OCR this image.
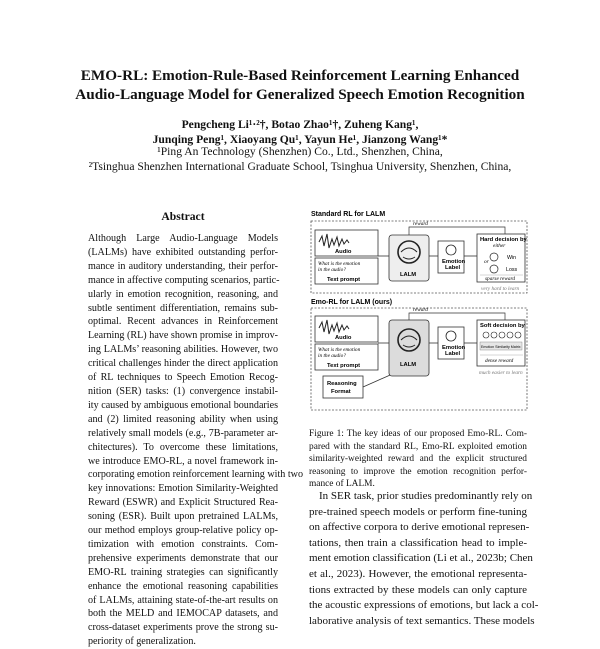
EMO-RL: Emotion-Rule-Based Reinforcement Learning Enhanced
Audio-Language Model for Generalized Speech Emotion Recognition
Pengcheng Li¹·²†, Botao Zhao¹†, Zuheng Kang¹,
Junqing Peng¹, Xiaoyang Qu¹, Yayun He¹, Jianzong Wang¹*
¹Ping An Technology (Shenzhen) Co., Ltd., Shenzhen, China,
²Tsinghua Shenzhen International Graduate School, Tsinghua University, Shenzhen, China,
Abstract
Although Large Audio-Language Models
(LALMs) have exhibited outstanding perfor-
mance in auditory understanding, their perfor-
mance in affective computing scenarios, partic-
ularly in emotion recognition, reasoning, and
subtle sentiment differentiation, remains sub-
optimal. Recent advances in Reinforcement
Learning (RL) have shown promise in improv-
ing LALMs’ reasoning abilities. However, two
critical challenges hinder the direct application
of RL techniques to Speech Emotion Recog-
nition (SER) tasks: (1) convergence instabil-
ity caused by ambiguous emotional boundaries
and (2) limited reasoning ability when using
relatively small models (e.g., 7B-parameter ar-
chitectures). To overcome these limitations,
we introduce EMO-RL, a novel framework in-
corporating emotion reinforcement learning with two
key innovations: Emotion Similarity-Weighted
Reward (ESWR) and Explicit Structured Rea-
soning (ESR). Built upon pretrained LALMs,
our method employs group-relative policy op-
timization with emotion constraints. Com-
prehensive experiments demonstrate that our
EMO-RL training strategies can significantly
enhance the emotional reasoning capabilities
of LALMs, attaining state-of-the-art results on
both the MELD and IEMOCAP datasets, and
cross-dataset experiments prove the strong su-
periority of generalization.
Standard RL for LALM
Audio
What is the emotion
in the audio?
Text prompt
LALM
Emotion
Label
reward
Hard decision by
either
Win
or
Loss
sparse reward
very hard to learn
Emo-RL for LALM (ours)
Audio
What is the emotion
in the audio?
Text prompt
Reasoning
Format
LALM
Emotion
Label
reward
Soft decision by
Emotion Similarity Matrix
dense reward
much easier to learn
Figure 1: The key ideas of our proposed Emo-RL. Com-
pared with the standard RL, Emo-RL exploited emotion
similarity-weighted reward and the explicit structured
reasoning to improve the emotion recognition perfor-
mance of LALM.
In SER task, prior studies predominantly rely on
pre-trained speech models or perform fine-tuning
on affective corpora to derive emotional represen-
tations, then train a classification head to imple-
ment emotion classification (Li et al., 2023b; Chen
et al., 2023). However, the emotional representa-
tions extracted by these models can only capture
the acoustic expressions of emotions, but lack a col-
laborative analysis of text semantics. These models
